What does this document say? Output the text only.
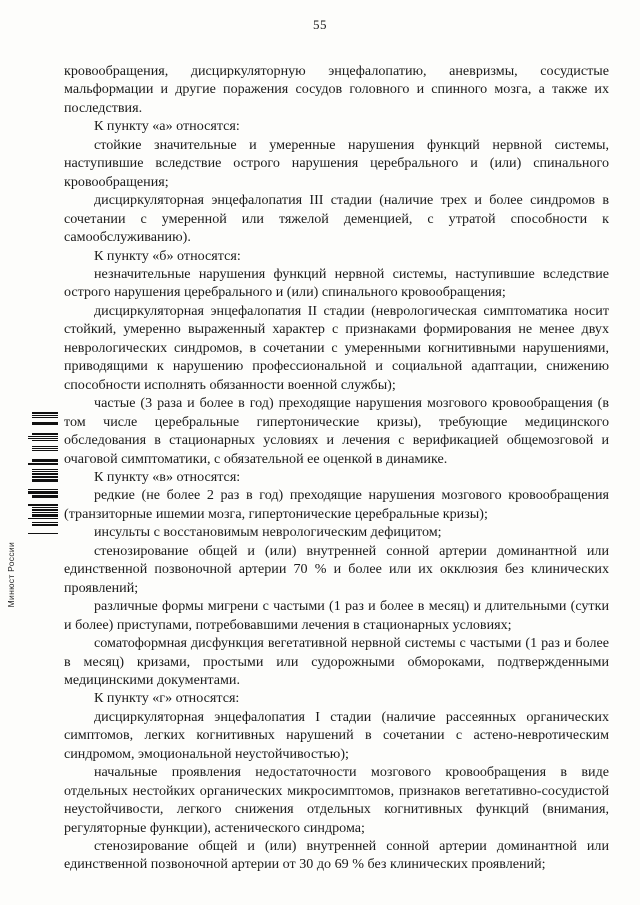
55

кровообращения, дисциркуляторную энцефалопатию, аневризмы, сосудистые мальформации и другие поражения сосудов головного и спинного мозга, а также их последствия.

К пункту «а» относятся:

стойкие значительные и умеренные нарушения функций нервной системы, наступившие вследствие острого нарушения церебрального и (или) спинального кровообращения;

дисциркуляторная энцефалопатия III стадии (наличие трех и более синдромов в сочетании с умеренной или тяжелой деменцией, с утратой способности к самообслуживанию).

К пункту «б» относятся:

незначительные нарушения функций нервной системы, наступившие вследствие острого нарушения церебрального и (или) спинального кровообращения;

дисциркуляторная энцефалопатия II стадии (неврологическая симптоматика носит стойкий, умеренно выраженный характер с признаками формирования не менее двух неврологических синдромов, в сочетании с умеренными когнитивными нарушениями, приводящими к нарушению профессиональной и социальной адаптации, снижению способности исполнять обязанности военной службы);

частые (3 раза и более в год) преходящие нарушения мозгового кровообращения (в том числе церебральные гипертонические кризы), требующие медицинского обследования в стационарных условиях и лечения с верификацией общемозговой и очаговой симптоматики, с обязательной ее оценкой в динамике.

К пункту «в» относятся:

редкие (не более 2 раз в год) преходящие нарушения мозгового кровообращения (транзиторные ишемии мозга, гипертонические церебральные кризы);

инсульты с восстановимым неврологическим дефицитом;

стенозирование общей и (или) внутренней сонной артерии доминантной или единственной позвоночной артерии 70 % и более или их окклюзия без клинических проявлений;

различные формы мигрени с частыми (1 раз и более в месяц) и длительными (сутки и более) приступами, потребовавшими лечения в стационарных условиях;

соматоформная дисфункция вегетативной нервной системы с частыми (1 раз и более в месяц) кризами, простыми или судорожными обмороками, подтвержденными медицинскими документами.

К пункту «г» относятся:

дисциркуляторная энцефалопатия I стадии (наличие рассеянных органических симптомов, легких когнитивных нарушений в сочетании с астено-невротическим синдромом, эмоциональной неустойчивостью);

начальные проявления недостаточности мозгового кровообращения в виде отдельных нестойких органических микросимптомов, признаков вегетативно-сосудистой неустойчивости, легкого снижения отдельных когнитивных функций (внимания, регуляторные функции), астенического синдрома;

стенозирование общей и (или) внутренней сонной артерии доминантной или единственной позвоночной артерии от 30 до 69 % без клинических проявлений;

Минюст России
